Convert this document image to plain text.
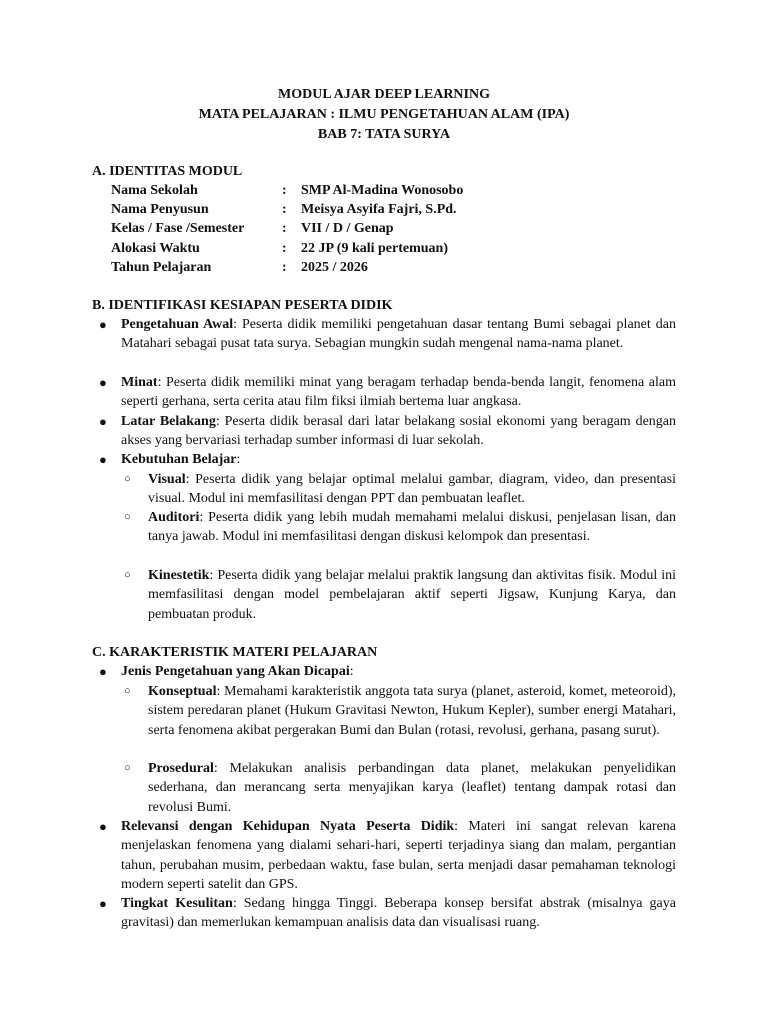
MODUL AJAR DEEP LEARNING
MATA PELAJARAN : ILMU PENGETAHUAN ALAM (IPA)
BAB 7: TATA SURYA
A. IDENTITAS MODUL
Nama Sekolah	: SMP Al-Madina Wonosobo
Nama Penyusun	: Meisya Asyifa Fajri, S.Pd.
Kelas / Fase /Semester	: VII / D / Genap
Alokasi Waktu	: 22 JP (9 kali pertemuan)
Tahun Pelajaran	: 2025 / 2026
B. IDENTIFIKASI KESIAPAN PESERTA DIDIK
● Pengetahuan Awal: Peserta didik memiliki pengetahuan dasar tentang Bumi sebagai planet dan Matahari sebagai pusat tata surya. Sebagian mungkin sudah mengenal nama-nama planet.
● Minat: Peserta didik memiliki minat yang beragam terhadap benda-benda langit, fenomena alam seperti gerhana, serta cerita atau film fiksi ilmiah bertema luar angkasa.
● Latar Belakang: Peserta didik berasal dari latar belakang sosial ekonomi yang beragam dengan akses yang bervariasi terhadap sumber informasi di luar sekolah.
● Kebutuhan Belajar:
○ Visual: Peserta didik yang belajar optimal melalui gambar, diagram, video, dan presentasi visual. Modul ini memfasilitasi dengan PPT dan pembuatan leaflet.
○ Auditori: Peserta didik yang lebih mudah memahami melalui diskusi, penjelasan lisan, dan tanya jawab. Modul ini memfasilitasi dengan diskusi kelompok dan presentasi.
○ Kinestetik: Peserta didik yang belajar melalui praktik langsung dan aktivitas fisik. Modul ini memfasilitasi dengan model pembelajaran aktif seperti Jigsaw, Kunjung Karya, dan pembuatan produk.
C. KARAKTERISTIK MATERI PELAJARAN
● Jenis Pengetahuan yang Akan Dicapai:
○ Konseptual: Memahami karakteristik anggota tata surya (planet, asteroid, komet, meteoroid), sistem peredaran planet (Hukum Gravitasi Newton, Hukum Kepler), sumber energi Matahari, serta fenomena akibat pergerakan Bumi dan Bulan (rotasi, revolusi, gerhana, pasang surut).
○ Prosedural: Melakukan analisis perbandingan data planet, melakukan penyelidikan sederhana, dan merancang serta menyajikan karya (leaflet) tentang dampak rotasi dan revolusi Bumi.
● Relevansi dengan Kehidupan Nyata Peserta Didik: Materi ini sangat relevan karena menjelaskan fenomena yang dialami sehari-hari, seperti terjadinya siang dan malam, pergantian tahun, perubahan musim, perbedaan waktu, fase bulan, serta menjadi dasar pemahaman teknologi modern seperti satelit dan GPS.
● Tingkat Kesulitan: Sedang hingga Tinggi. Beberapa konsep bersifat abstrak (misalnya gaya gravitasi) dan memerlukan kemampuan analisis data dan visualisasi ruang.
